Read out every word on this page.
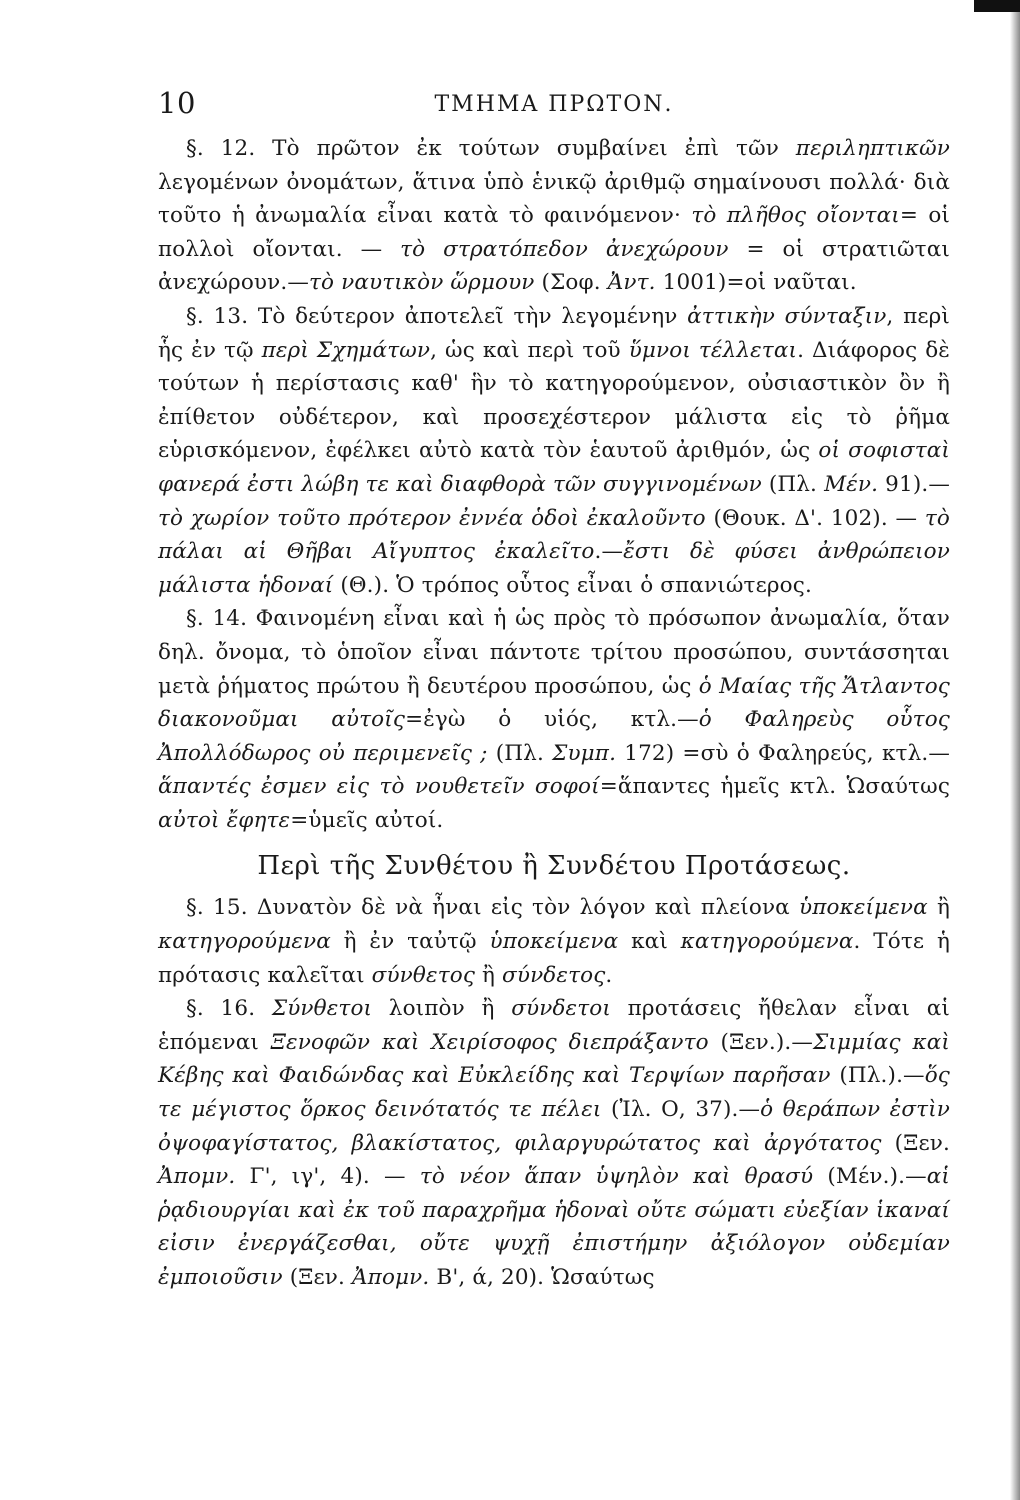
10	ΤΜΗΜΑ ΠΡΩΤΟΝ.

§. 12. Τὸ πρῶτον ἐκ τούτων συμβαίνει ἐπὶ τῶν περιληπτικῶν λεγομένων ὀνομάτων, ἅτινα ὑπὸ ἑνικῷ ἀριθμῷ σημαίνουσι πολλά· διὰ τοῦτο ἡ ἀνωμαλία εἶναι κατὰ τὸ φαινόμενον· τὸ πλῆθος οἴονται= οἱ πολλοὶ οἴονται. — τὸ στρατόπεδον ἀνεχώρουν = οἱ στρατιῶται ἀνεχώρουν.—τὸ ναυτικὸν ὥρμουν (Σοφ. Ἀντ. 1001)=οἱ ναῦται.

§. 13. Τὸ δεύτερον ἀποτελεῖ τὴν λεγομένην ἀττικὴν σύνταξιν, περὶ ἧς ἐν τῷ περὶ Σχημάτων, ὡς καὶ περὶ τοῦ ὕμνοι τέλλεται. Διάφορος δὲ τούτων ἡ περίστασις καθ' ἣν τὸ κατηγορούμενον, οὐσιαστικὸν ὂν ἢ ἐπίθετον οὐδέτερον, καὶ προσεχέστερον μάλιστα εἰς τὸ ῥῆμα εὑρισκόμενον, ἐφέλκει αὐτὸ κατὰ τὸν ἑαυτοῦ ἀριθμόν, ὡς οἱ σοφισταὶ φανερά ἐστι λώβη τε καὶ διαφθορὰ τῶν συγγινομένων (Πλ. Μέν. 91).—τὸ χωρίον τοῦτο πρότερον ἐννέα ὁδοὶ ἐκαλοῦντο (Θουκ. Δ'. 102). — τὸ πάλαι αἱ Θῆβαι Αἴγυπτος ἐκαλεῖτο.—ἔστι δὲ φύσει ἀνθρώπειον μάλιστα ἡδοναί (Θ.). Ὁ τρόπος οὗτος εἶναι ὁ σπανιώτερος.

§. 14. Φαινομένη εἶναι καὶ ἡ ὡς πρὸς τὸ πρόσωπον ἀνωμαλία, ὅταν δηλ. ὄνομα, τὸ ὁποῖον εἶναι πάντοτε τρίτου προσώπου, συντάσσηται μετὰ ῥήματος πρώτου ἢ δευτέρου προσώπου, ὡς ὁ Μαίας τῆς Ἄτλαντος διακονοῦμαι αὐτοῖς=ἐγὼ ὁ υἱός, κτλ.—ὁ Φαληρεὺς οὗτος Ἀπολλόδωρος οὐ περιμενεῖς ; (Πλ. Συμπ. 172) =σὺ ὁ Φαληρεύς, κτλ.—ἅπαντές ἐσμεν εἰς τὸ νουθετεῖν σοφοί=ἅπαντες ἡμεῖς κτλ. Ὡσαύτως αὐτοὶ ἔφητε=ὑμεῖς αὐτοί.

Περὶ τῆς Συνθέτου ἢ Συνδέτου Προτάσεως.

§. 15. Δυνατὸν δὲ νὰ ἦναι εἰς τὸν λόγον καὶ πλείονα ὑποκείμενα ἢ κατηγορούμενα ἢ ἐν ταὐτῷ ὑποκείμενα καὶ κατηγορούμενα. Τότε ἡ πρότασις καλεῖται σύνθετος ἢ σύνδετος.

§. 16. Σύνθετοι λοιπὸν ἢ σύνδετοι προτάσεις ἤθελαν εἶναι αἱ ἑπόμεναι Ξενοφῶν καὶ Χειρίσοφος διεπράξαντο (Ξεν.).—Σιμμίας καὶ Κέβης καὶ Φαιδώνδας καὶ Εὐκλείδης καὶ Τερψίων παρῆσαν (Πλ.).—ὅς τε μέγιστος ὅρκος δεινότατός τε πέλει (Ἰλ. Ο, 37).—ὁ θεράπων ἐστὶν ὀψοφαγίστατος, βλακίστατος, φιλαργυρώτατος καὶ ἀργότατος (Ξεν. Ἀπομν. Γ', ιγ', 4). — τὸ νέον ἅπαν ὑψηλὸν καὶ θρασύ (Μέν.).—αἱ ῥᾳδιουργίαι καὶ ἐκ τοῦ παραχρῆμα ἡδοναὶ οὔτε σώματι εὐεξίαν ἱκαναί εἰσιν ἐνεργάζεσθαι, οὔτε ψυχῇ ἐπιστήμην ἀξιόλογον οὐδεμίαν ἐμποιοῦσιν (Ξεν. Ἀπομν. Β', ά, 20). Ὡσαύτως
